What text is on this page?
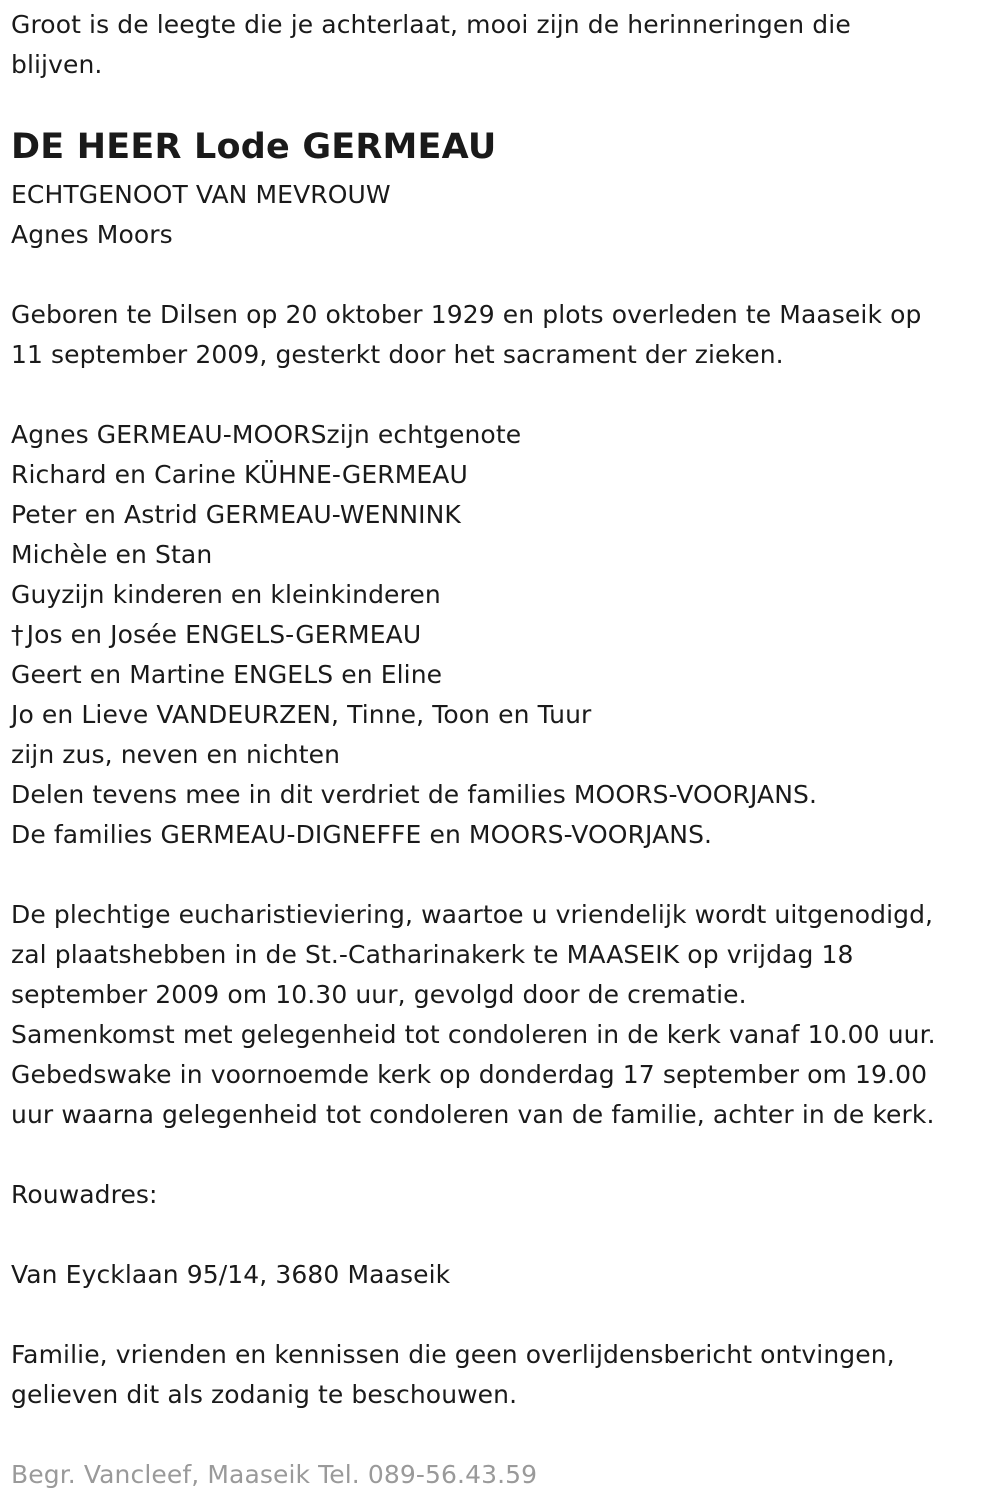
Groot is de leegte die je achterlaat, mooi zijn de herinneringen die
blijven.
DE HEER Lode GERMEAU
ECHTGENOOT VAN MEVROUW
Agnes Moors
Geboren te Dilsen op 20 oktober 1929 en plots overleden te Maaseik op
11 september 2009, gesterkt door het sacrament der zieken.
Agnes GERMEAU-MOORSzijn echtgenote
Richard en Carine KÜHNE-GERMEAU
Peter en Astrid GERMEAU-WENNINK
Michèle en Stan
Guyzijn kinderen en kleinkinderen
† Jos en Josée ENGELS-GERMEAU
Geert en Martine ENGELS en Eline
Jo en Lieve VANDEURZEN, Tinne, Toon en Tuur
zijn zus, neven en nichten
Delen tevens mee in dit verdriet de families MOORS-VOORJANS.
De families GERMEAU-DIGNEFFE en MOORS-VOORJANS.
De plechtige eucharistieviering, waartoe u vriendelijk wordt uitgenodigd,
zal plaatshebben in de St.-Catharinakerk te MAASEIK op vrijdag 18
september 2009 om 10.30 uur, gevolgd door de crematie.
Samenkomst met gelegenheid tot condoleren in de kerk vanaf 10.00 uur.
Gebedswake in voornoemde kerk op donderdag 17 september om 19.00
uur waarna gelegenheid tot condoleren van de familie, achter in de kerk.
Rouwadres:
Van Eycklaan 95/14, 3680 Maaseik
Familie, vrienden en kennissen die geen overlijdensbericht ontvingen,
gelieven dit als zodanig te beschouwen.
Begr. Vancleef, Maaseik Tel. 089-56.43.59
